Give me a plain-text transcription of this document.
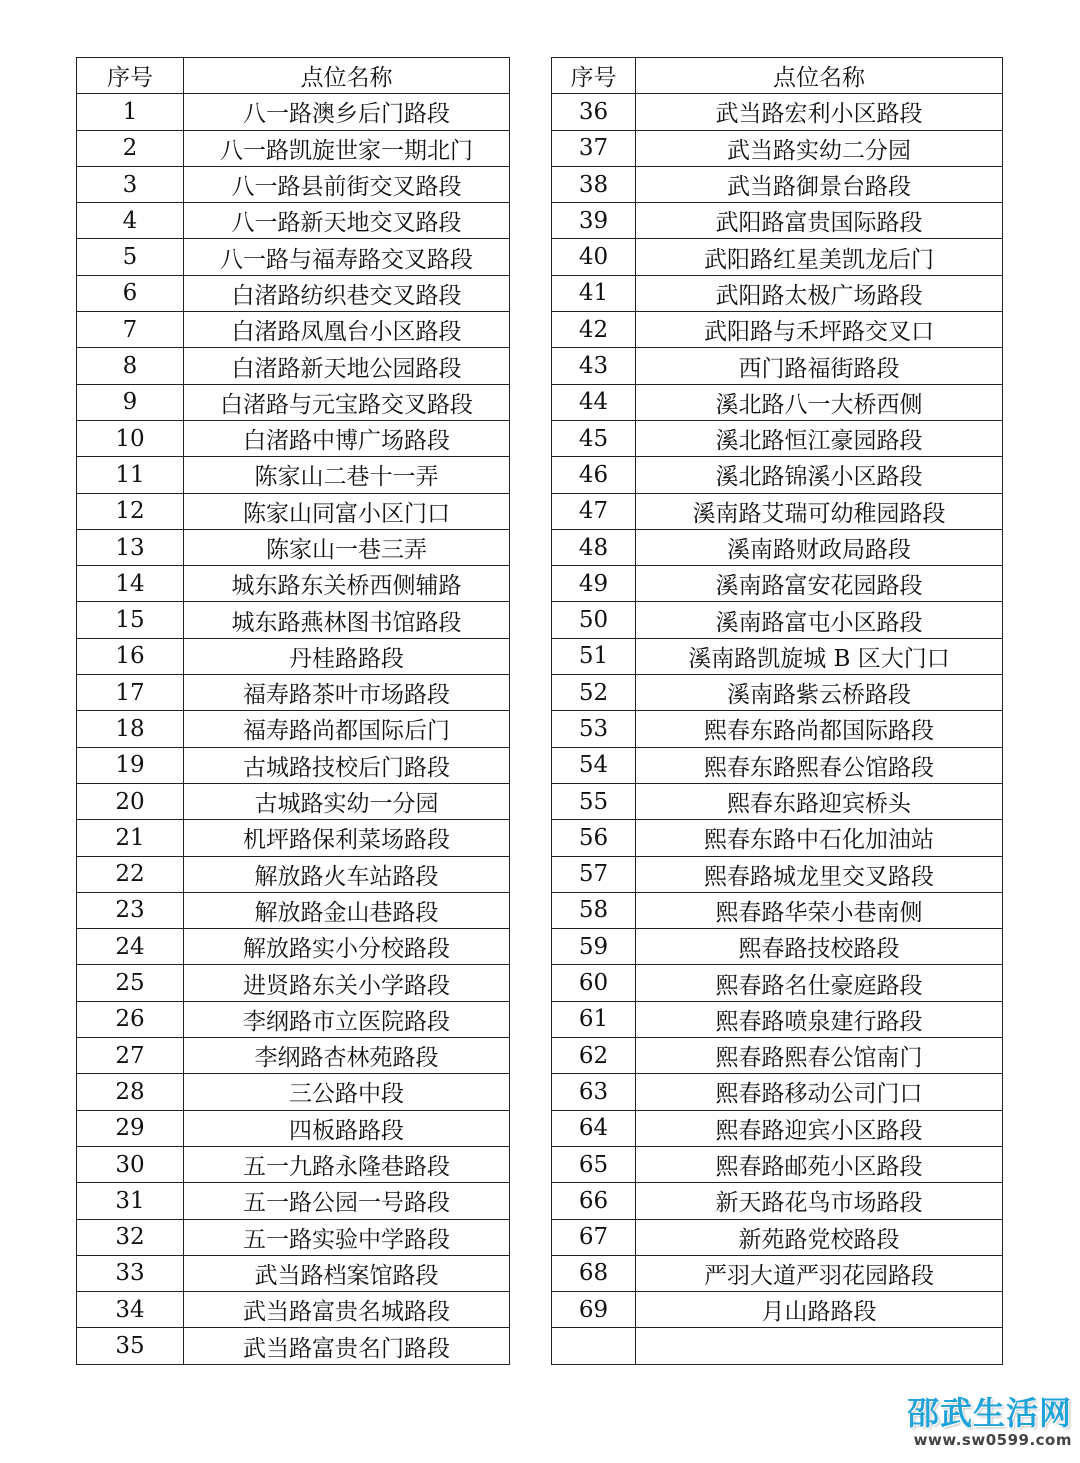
序号	点位名称
1	八一路澳乡后门路段
2	八一路凯旋世家一期北门
3	八一路县前街交叉路段
4	八一路新天地交叉路段
5	八一路与福寿路交叉路段
6	白渚路纺织巷交叉路段
7	白渚路凤凰台小区路段
8	白渚路新天地公园路段
9	白渚路与元宝路交叉路段
10	白渚路中博广场路段
11	陈家山二巷十一弄
12	陈家山同富小区门口
13	陈家山一巷三弄
14	城东路东关桥西侧辅路
15	城东路燕林图书馆路段
16	丹桂路路段
17	福寿路茶叶市场路段
18	福寿路尚都国际后门
19	古城路技校后门路段
20	古城路实幼一分园
21	机坪路保利菜场路段
22	解放路火车站路段
23	解放路金山巷路段
24	解放路实小分校路段
25	进贤路东关小学路段
26	李纲路市立医院路段
27	李纲路杏林苑路段
28	三公路中段
29	四板路路段
30	五一九路永隆巷路段
31	五一路公园一号路段
32	五一路实验中学路段
33	武当路档案馆路段
34	武当路富贵名城路段
35	武当路富贵名门路段
序号	点位名称
36	武当路宏利小区路段
37	武当路实幼二分园
38	武当路御景台路段
39	武阳路富贵国际路段
40	武阳路红星美凯龙后门
41	武阳路太极广场路段
42	武阳路与禾坪路交叉口
43	西门路福街路段
44	溪北路八一大桥西侧
45	溪北路恒江豪园路段
46	溪北路锦溪小区路段
47	溪南路艾瑞可幼稚园路段
48	溪南路财政局路段
49	溪南路富安花园路段
50	溪南路富屯小区路段
51	溪南路凯旋城 B 区大门口
52	溪南路紫云桥路段
53	熙春东路尚都国际路段
54	熙春东路熙春公馆路段
55	熙春东路迎宾桥头
56	熙春东路中石化加油站
57	熙春路城龙里交叉路段
58	熙春路华荣小巷南侧
59	熙春路技校路段
60	熙春路名仕豪庭路段
61	熙春路喷泉建行路段
62	熙春路熙春公馆南门
63	熙春路移动公司门口
64	熙春路迎宾小区路段
65	熙春路邮苑小区路段
66	新天路花鸟市场路段
67	新苑路党校路段
68	严羽大道严羽花园路段
69	月山路路段

邵武生活网
www.sw0599.com
